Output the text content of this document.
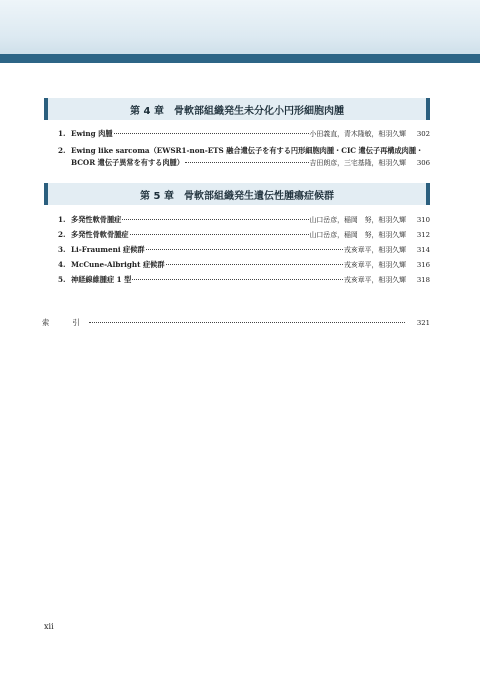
第 4 章 骨軟部組織発生未分化小円形細胞肉腫
1. Ewing 肉腫	小田義直，青木隆敏，相羽久輝	302
2. Ewing like sarcoma（EWSR1-non-ETS 融合遺伝子を有する円形細胞肉腫・CIC 遺伝子再構成肉腫・
BCOR 遺伝子異常を有する肉腫）	吉田朗彦，三宅基隆，相羽久輝	306
第 5 章 骨軟部組織発生遺伝性腫瘍症候群
1. 多発性軟骨腫症	山口岳彦，稲岡　努，相羽久輝	310
2. 多発性骨軟骨腫症	山口岳彦，稲岡　努，相羽久輝	312
3. Li-Fraumeni 症候群	戎亥章平，相羽久輝	314
4. McCune-Albright 症候群	戎亥章平，相羽久輝	316
5. 神経線維腫症 1 型	戎亥章平，相羽久輝	318
索　引	321
xii
